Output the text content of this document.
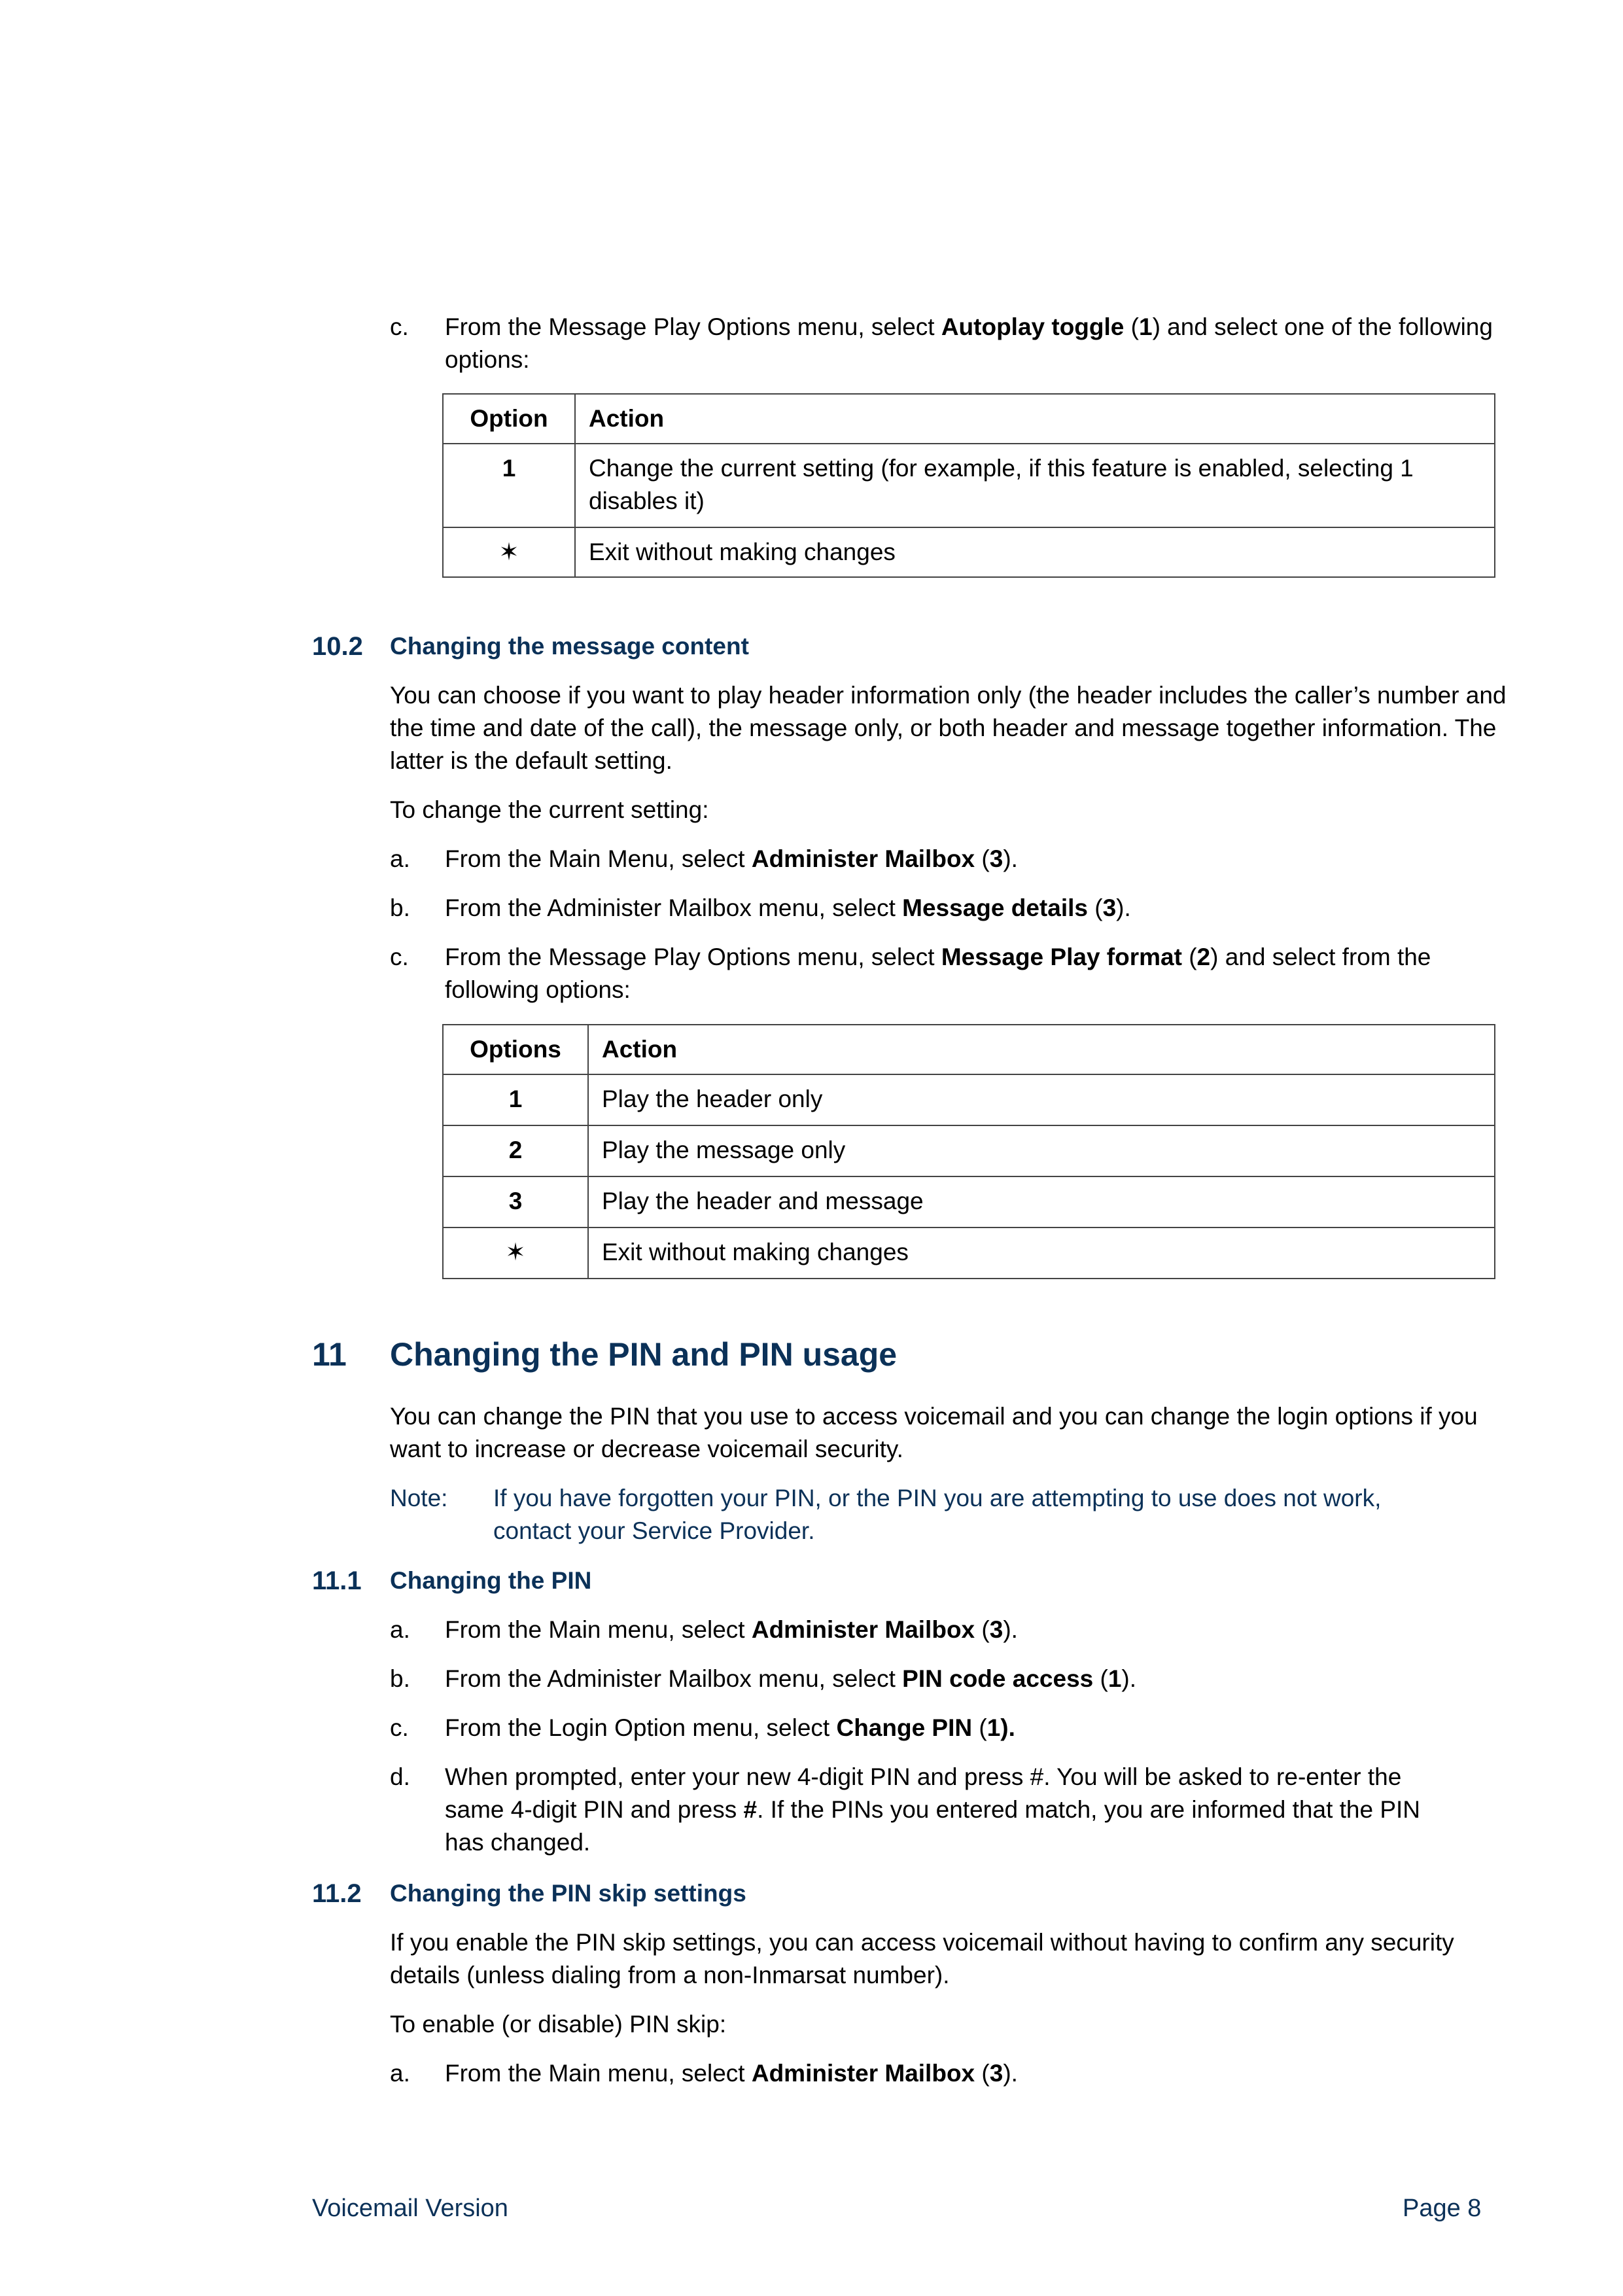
c. From the Message Play Options menu, select Autoplay toggle (1) and select one of the following options:
Option	Action
1	Change the current setting (for example, if this feature is enabled, selecting 1 disables it)
✶	Exit without making changes
10.2 Changing the message content
You can choose if you want to play header information only (the header includes the caller’s number and the time and date of the call), the message only, or both header and message together information. The latter is the default setting.
To change the current setting:
a. From the Main Menu, select Administer Mailbox (3).
b. From the Administer Mailbox menu, select Message details (3).
c. From the Message Play Options menu, select Message Play format (2) and select from the following options:
Options	Action
1	Play the header only
2	Play the message only
3	Play the header and message
✶	Exit without making changes
11 Changing the PIN and PIN usage
You can change the PIN that you use to access voicemail and you can change the login options if you want to increase or decrease voicemail security.
Note: If you have forgotten your PIN, or the PIN you are attempting to use does not work, contact your Service Provider.
11.1 Changing the PIN
a. From the Main menu, select Administer Mailbox (3).
b. From the Administer Mailbox menu, select PIN code access (1).
c. From the Login Option menu, select Change PIN (1).
d. When prompted, enter your new 4-digit PIN and press #. You will be asked to re-enter the same 4-digit PIN and press #. If the PINs you entered match, you are informed that the PIN has changed.
11.2 Changing the PIN skip settings
If you enable the PIN skip settings, you can access voicemail without having to confirm any security details (unless dialing from a non-Inmarsat number).
To enable (or disable) PIN skip:
a. From the Main menu, select Administer Mailbox (3).
Voicemail Version	Page 8
